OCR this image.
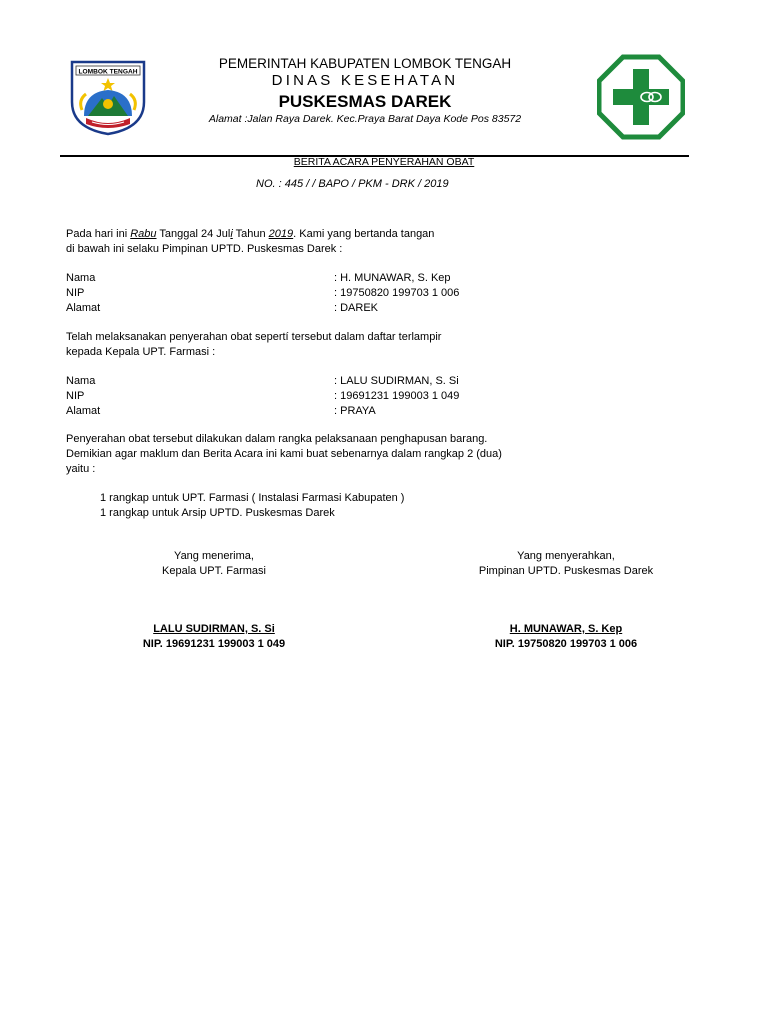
LOMBOK TENGAH
PEMERINTAH KABUPATEN LOMBOK TENGAH
DINAS KESEHATAN
PUSKESMAS DAREK
Alamat :Jalan Raya Darek. Kec.Praya Barat Daya Kode Pos 83572
BERITA ACARA PENYERAHAN OBAT
NO. : 445 / / BAPO / PKM - DRK / 2019
Pada hari ini Rabu Tanggal 24 Juli Tahun 2019. Kami yang bertanda tangan
di bawah ini selaku Pimpinan UPTD. Puskesmas Darek :
Nama	: H. MUNAWAR, S. Kep
NIP	: 19750820 199703 1 006
Alamat	: DAREK
Telah melaksanakan penyerahan obat sepertí tersebut dalam daftar terlampir
kepada Kepala UPT. Farmasi :
Nama	: LALU SUDIRMAN, S. Si
NIP	: 19691231 199003 1 049
Alamat	: PRAYA
Penyerahan obat tersebut dilakukan dalam rangka pelaksanaan penghapusan barang.
Demikian agar maklum dan Berita Acara ini kami buat sebenarnya dalam rangkap 2 (dua)
yaitu :
1 rangkap untuk UPT. Farmasi ( Instalasi Farmasi Kabupaten )
1 rangkap untuk Arsip UPTD. Puskesmas Darek
Yang menerima,
Kepala UPT. Farmasi
LALU SUDIRMAN, S. Si
NIP. 19691231 199003 1 049
Yang menyerahkan,
Pimpinan UPTD. Puskesmas Darek
H. MUNAWAR, S. Kep
NIP. 19750820 199703 1 006
